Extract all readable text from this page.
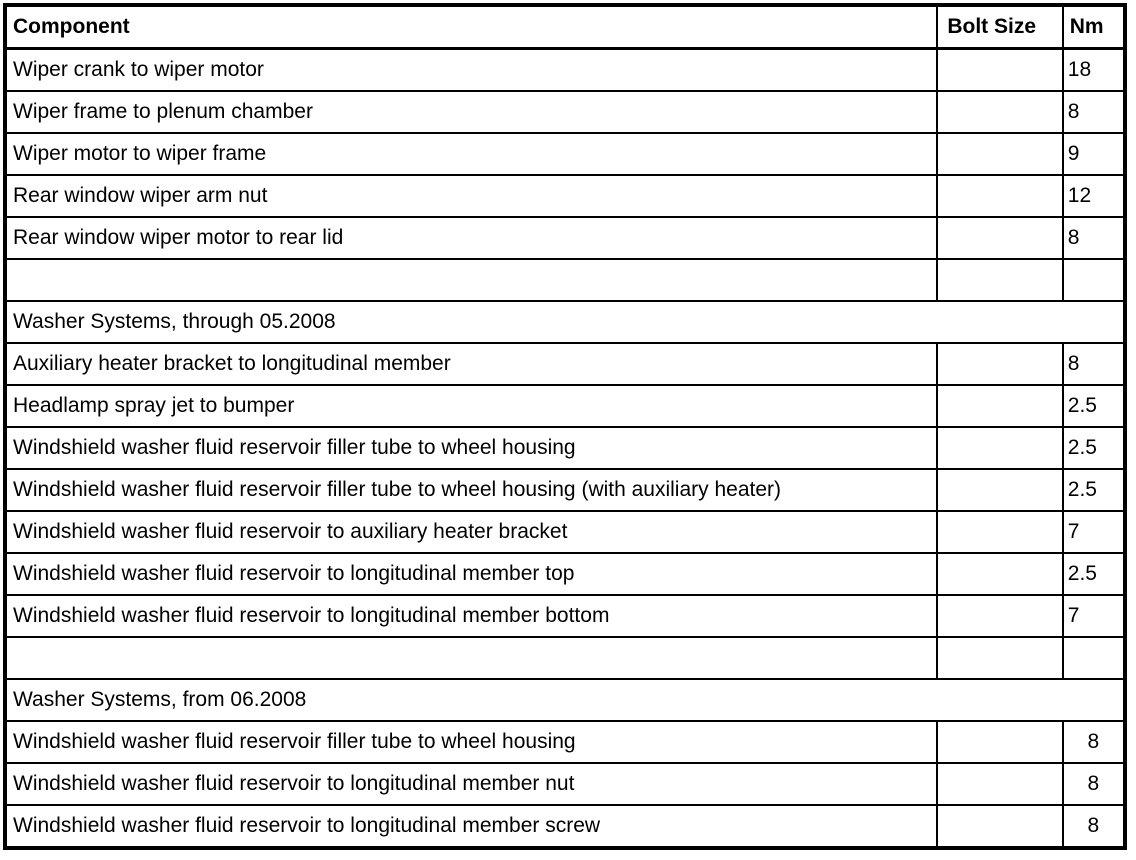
Component	Bolt Size	Nm
Wiper crank to wiper motor		18
Wiper frame to plenum chamber		8
Wiper motor to wiper frame		9
Rear window wiper arm nut		12
Rear window wiper motor to rear lid		8

Washer Systems, through 05.2008		
Auxiliary heater bracket to longitudinal member		8
Headlamp spray jet to bumper		2.5
Windshield washer fluid reservoir filler tube to wheel housing		2.5
Windshield washer fluid reservoir filler tube to wheel housing (with auxiliary heater)		2.5
Windshield washer fluid reservoir to auxiliary heater bracket		7
Windshield washer fluid reservoir to longitudinal member top		2.5
Windshield washer fluid reservoir to longitudinal member bottom		7

Washer Systems, from 06.2008		
Windshield washer fluid reservoir filler tube to wheel housing		8
Windshield washer fluid reservoir to longitudinal member nut		8
Windshield washer fluid reservoir to longitudinal member screw		8
